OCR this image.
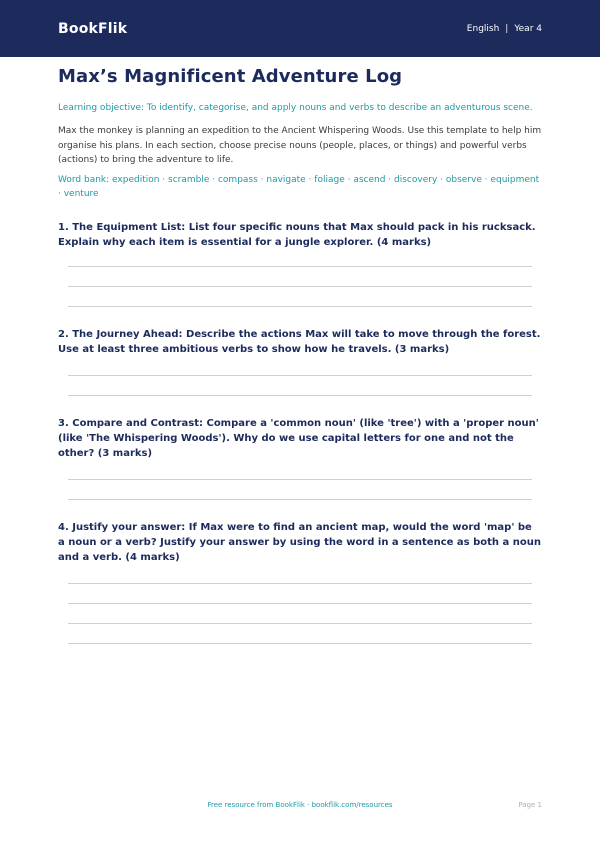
BookFlik	English | Year 4
Max’s Magnificent Adventure Log
Learning objective: To identify, categorise, and apply nouns and verbs to describe an adventurous scene.
Max the monkey is planning an expedition to the Ancient Whispering Woods. Use this template to help him organise his plans. In each section, choose precise nouns (people, places, or things) and powerful verbs (actions) to bring the adventure to life.
Word bank: expedition · scramble · compass · navigate · foliage · ascend · discovery · observe · equipment · venture
1. The Equipment List: List four specific nouns that Max should pack in his rucksack. Explain why each item is essential for a jungle explorer. (4 marks)
2. The Journey Ahead: Describe the actions Max will take to move through the forest. Use at least three ambitious verbs to show how he travels. (3 marks)
3. Compare and Contrast: Compare a 'common noun' (like 'tree') with a 'proper noun' (like 'The Whispering Woods'). Why do we use capital letters for one and not the other? (3 marks)
4. Justify your answer: If Max were to find an ancient map, would the word 'map' be a noun or a verb? Justify your answer by using the word in a sentence as both a noun and a verb. (4 marks)
Free resource from BookFlik · bookflik.com/resources	Page 1
